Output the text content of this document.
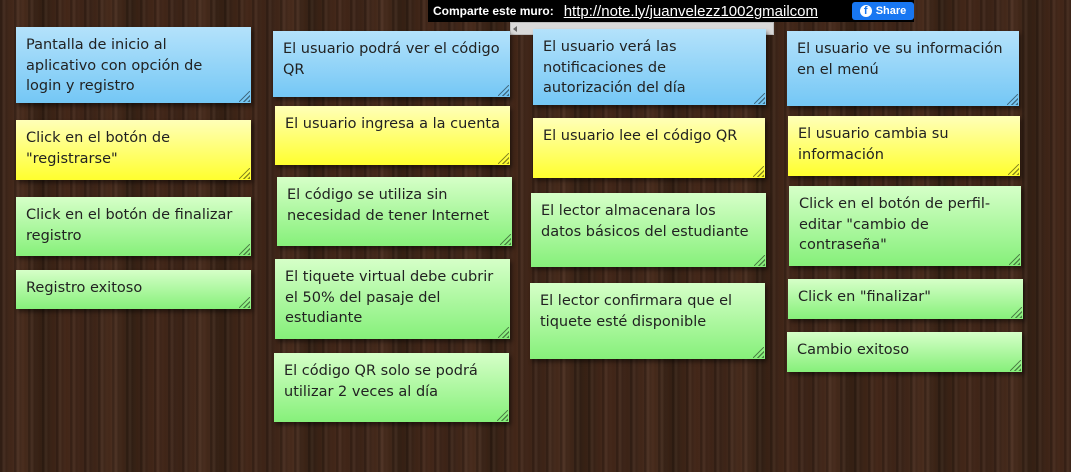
Comparte este muro: http://note.ly/juanvelezz1002gmailcom	f Share
Pantalla de inicio al aplicativo con opción de login y registro
Click en el botón de "registrarse"
Click en el botón de finalizar registro
Registro exitoso
El usuario podrá ver el código QR
El usuario ingresa a la cuenta
El código se utiliza sin necesidad de tener Internet
El tiquete virtual debe cubrir el 50% del pasaje del estudiante
El código QR solo se podrá utilizar 2 veces al día
El usuario verá las notificaciones de autorización del día
El usuario lee el código QR
El lector almacenara los datos básicos del estudiante
El lector confirmara que el tiquete esté disponible
El usuario ve su información en el menú
El usuario cambia su información
Click en el botón de perfil-editar "cambio de contraseña"
Click en "finalizar"
Cambio exitoso
